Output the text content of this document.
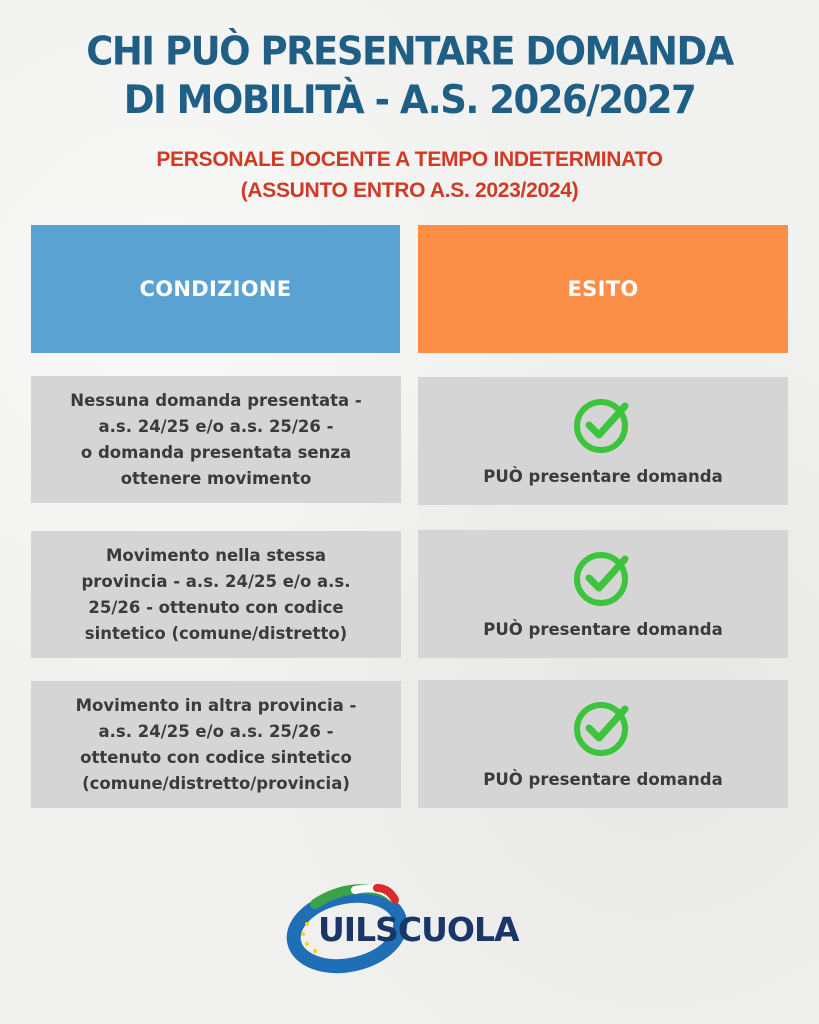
CHI PUÒ PRESENTARE DOMANDA
DI MOBILITÀ - A.S. 2026/2027
PERSONALE DOCENTE A TEMPO INDETERMINATO
(ASSUNTO ENTRO A.S. 2023/2024)
CONDIZIONE	ESITO
Nessuna domanda presentata -
a.s. 24/25 e/o a.s. 25/26 -
o domanda presentata senza
ottenere movimento	PUÒ presentare domanda
Movimento nella stessa
provincia - a.s. 24/25 e/o a.s.
25/26 - ottenuto con codice
sintetico (comune/distretto)	PUÒ presentare domanda
Movimento in altra provincia -
a.s. 24/25 e/o a.s. 25/26 -
ottenuto con codice sintetico
(comune/distretto/provincia)	PUÒ presentare domanda
UILSCUOLA
